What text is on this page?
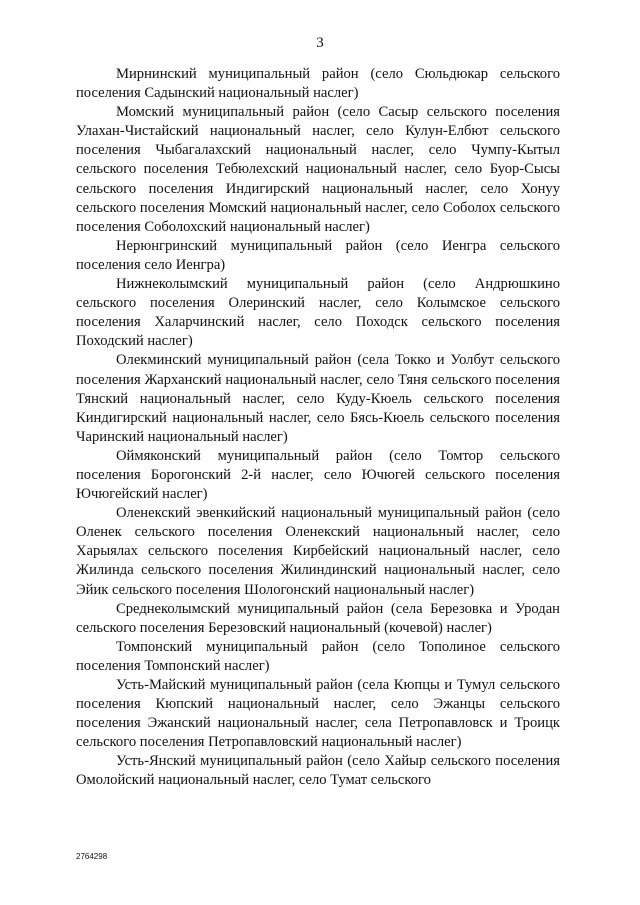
3

Мирнинский муниципальный район (село Сюльдюкар сельского поселения Садынский национальный наслег)

Момский муниципальный район (село Сасыр сельского поселения Улахан-Чистайский национальный наслег, село Кулун-Елбют сельского поселения Чыбагалахский национальный наслег, село Чумпу-Кытыл сельского поселения Тебюлехский национальный наслег, село Буор-Сысы сельского поселения Индигирский национальный наслег, село Хонуу сельского поселения Момский национальный наслег, село Соболох сельского поселения Соболохский национальный наслег)

Нерюнгринский муниципальный район (село Иенгра сельского поселения село Иенгра)

Нижнеколымский муниципальный район (село Андрюшкино сельского поселения Олеринский наслег, село Колымское сельского поселения Халарчинский наслег, село Походск сельского поселения Походский наслег)

Олекминский муниципальный район (села Токко и Уолбут сельского поселения Жарханский национальный наслег, село Тяня сельского поселения Тянский национальный наслег, село Куду-Кюель сельского поселения Киндигирский национальный наслег, село Бясь-Кюель сельского поселения Чаринский национальный наслег)

Оймяконский муниципальный район (село Томтор сельского поселения Борогонский 2-й наслег, село Ючюгей сельского поселения Ючюгейский наслег)

Оленекский эвенкийский национальный муниципальный район (село Оленек сельского поселения Оленекский национальный наслег, село Харыялах сельского поселения Кирбейский национальный наслег, село Жилинда сельского поселения Жилиндинский национальный наслег, село Эйик сельского поселения Шологонский национальный наслег)

Среднеколымский муниципальный район (села Березовка и Уродан сельского поселения Березовский национальный (кочевой) наслег)

Томпонский муниципальный район (село Тополиное сельского поселения Томпонский наслег)

Усть-Майский муниципальный район (села Кюпцы и Тумул сельского поселения Кюпский национальный наслег, село Эжанцы сельского поселения Эжанский национальный наслег, села Петропавловск и Троицк сельского поселения Петропавловский национальный наслег)

Усть-Янский муниципальный район (село Хайыр сельского поселения Омолойский национальный наслег, село Тумат сельского

2764298
